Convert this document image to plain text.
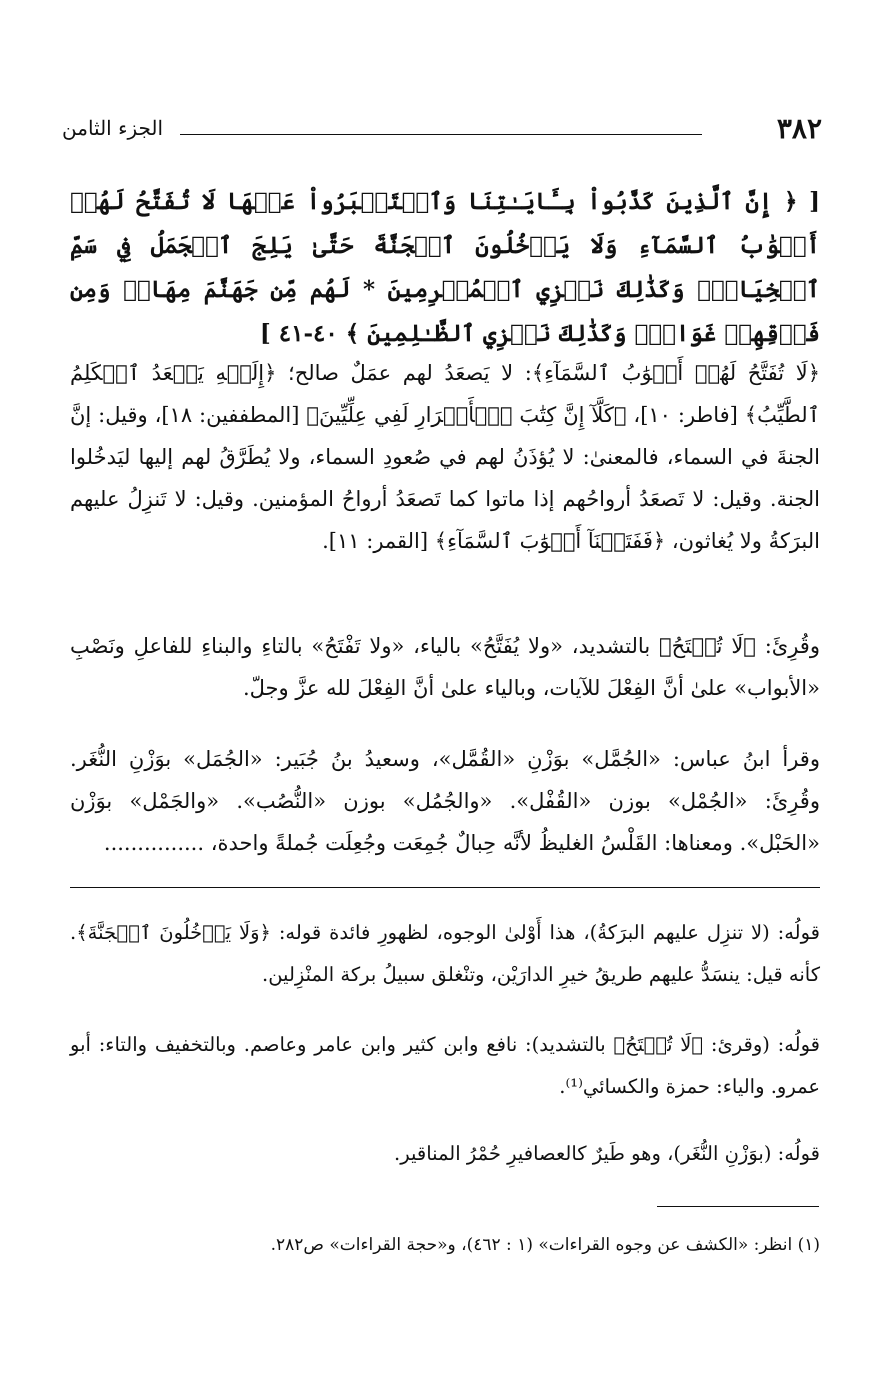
٣٨٢
الجزء الثامن

[ ﴿ إِنَّ ٱلَّذِينَ كَذَّبُواْ بِـَٔايَـٰتِنَا وَٱسۡتَكۡبَرُواْ عَنۡهَا لَا تُفَتَّحُ لَهُمۡ أَبۡوَٰبُ ٱلسَّمَآءِ وَلَا يَدۡخُلُونَ ٱلۡجَنَّةَ حَتَّىٰ يَلِجَ ٱلۡجَمَلُ فِي سَمِّ ٱلۡخِيَاطِۚ وَكَذَٰلِكَ نَجۡزِي ٱلۡمُجۡرِمِينَ * لَهُم مِّن جَهَنَّمَ مِهَادٞ وَمِن فَوۡقِهِمۡ غَوَاشٖۚ وَكَذَٰلِكَ نَجۡزِي ٱلظَّـٰلِمِينَ ﴾ ٤٠-٤١ ]

﴿لَا تُفَتَّحُ لَهُمۡ أَبۡوَٰبُ ٱلسَّمَآءِ﴾: لا يَصعَدُ لهم عمَلٌ صالح؛ ﴿إِلَيۡهِ يَصۡعَدُ ٱلۡكَلِمُ ٱلطَّيِّبُ﴾ [فاطر: ١٠]، ﴿كَلَّآ إِنَّ كِتَٰبَ ٱلۡأَبۡرَارِ لَفِي عِلِّيِّينَ﴾ [المطففين: ١٨]، وقيل: إنَّ الجنةَ في السماء، فالمعنىٰ: لا يُؤذَنُ لهم في صُعودِ السماء، ولا يُطَرَّقُ لهم إليها ليَدخُلوا الجنة. وقيل: لا تَصعَدُ أرواحُهم إذا ماتوا كما تَصعَدُ أرواحُ المؤمنين. وقيل: لا تَنزِلُ عليهم البرَكةُ ولا يُغاثون، ﴿فَفَتَحۡنَآ أَبۡوَٰبَ ٱلسَّمَآءِ﴾ [القمر: ١١].

وقُرِئَ: ﴿لَا تُفۡتَحُ﴾ بالتشديد، «ولا يُفَتَّحُ» بالياء، «ولا تَفْتَحُ» بالتاءِ والبناءِ للفاعلِ ونَصْبِ «الأبواب» علىٰ أنَّ الفِعْلَ للآيات، وبالياء علىٰ أنَّ الفِعْلَ لله عزَّ وجلّ.

وقرأ ابنُ عباس: «الجُمَّل» بوَزْنِ «القُمَّل»، وسعيدُ بنُ جُبَير: «الجُمَل» بوَزْنِ النُّغَر. وقُرِئَ: «الجُمْل» بوزن «القُفْل». «والجُمُل» بوزن «النُّصُب». «والجَمْل» بوَزْن «الحَبْل». ومعناها: القَلْسُ الغليظُ لأنَّه حِبالٌ جُمِعَت وجُعِلَت جُملةً واحدة، ...............

قولُه: (لا تنزِل عليهم البرَكةُ)، هذا أَوْلىٰ الوجوه، لظهورِ فائدة قوله: ﴿وَلَا يَدۡخُلُونَ ٱلۡجَنَّةَ﴾. كأنه قيل: ينسَدُّ عليهم طريقُ خيرِ الدارَيْن، وتنْغلق سبيلُ بركة المنْزِلين.

قولُه: (وقرئ: ﴿لَا تُفۡتَحُ﴾ بالتشديد): نافع وابن كثير وابن عامر وعاصم. وبالتخفيف والتاء: أبو عمرو. والياء: حمزة والكسائي⁽¹⁾.

قولُه: (بوَزْنِ النُّغَر)، وهو طَيرٌ كالعصافيرِ حُمْرُ المناقير.

(١) انظر: «الكشف عن وجوه القراءات» (١ : ٤٦٢)، و«حجة القراءات» ص٢٨٢.
